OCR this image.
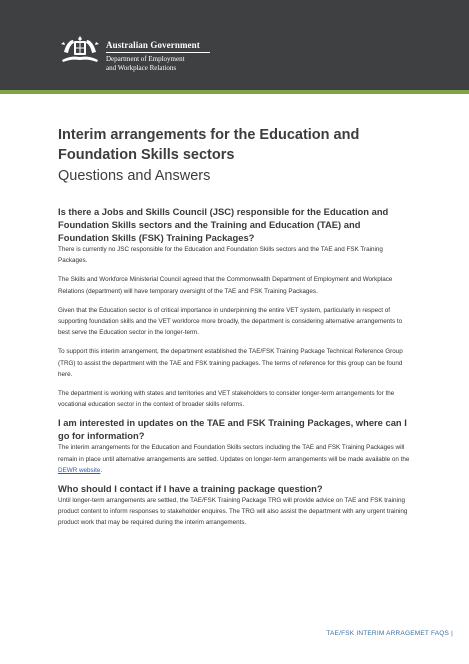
Australian Government
Department of Employment
and Workplace Relations
Interim arrangements for the Education and
Foundation Skills sectors
Questions and Answers
Is there a Jobs and Skills Council (JSC) responsible for the Education and Foundation Skills sectors and the Training and Education (TAE) and Foundation Skills (FSK) Training Packages?
There is currently no JSC responsible for the Education and Foundation Skills sectors and the TAE and FSK Training Packages.
The Skills and Workforce Ministerial Council agreed that the Commonwealth Department of Employment and Workplace Relations (department) will have temporary oversight of the TAE and FSK Training Packages.
Given that the Education sector is of critical importance in underpinning the entire VET system, particularly in respect of supporting foundation skills and the VET workforce more broadly, the department is considering alternative arrangements to best serve the Education sector in the longer-term.
To support this interim arrangement, the department established the TAE/FSK Training Package Technical Reference Group (TRG) to assist the department with the TAE and FSK training packages. The terms of reference for this group can be found here.
The department is working with states and territories and VET stakeholders to consider longer-term arrangements for the vocational education sector in the context of broader skills reforms.
I am interested in updates on the TAE and FSK Training Packages, where can I go for information?
The interim arrangements for the Education and Foundation Skills sectors including the TAE and FSK Training Packages will remain in place until alternative arrangements are settled. Updates on longer-term arrangements will be made available on the DEWR website.
Who should I contact if I have a training package question?
Until longer-term arrangements are settled, the TAE/FSK Training Package TRG will provide advice on TAE and FSK training product content to inform responses to stakeholder enquires. The TRG will also assist the department with any urgent training product work that may be required during the interim arrangements.
TAE/FSK INTERIM ARRAGEMET FAQS |
